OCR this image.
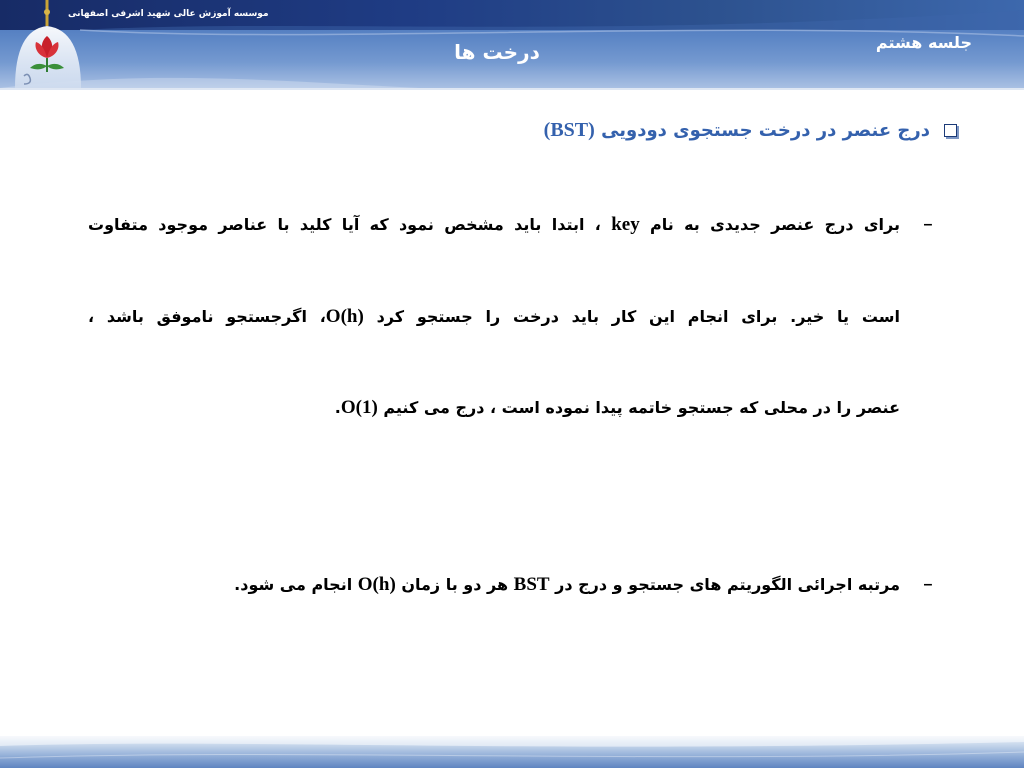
موسسه آموزش عالی شهید اشرفی اصفهانی
جلسه هشتم
درخت ها
درج عنصر در درخت جستجوی دودویی (BST)
–
برای درج عنصر جدیدی به نام key ، ابتدا باید مشخص نمود که آیا کلید با عناصر موجود متفاوت
است یا خیر. برای انجام این کار باید درخت را جستجو کرد O(h)، اگرجستجو ناموفق باشد ،
عنصر را در محلی که جستجو خاتمه پیدا نموده است ، درج می کنیم O(1).
–
مرتبه اجرائی الگوریتم های جستجو و درج در BST هر دو با زمان O(h) انجام می شود.
